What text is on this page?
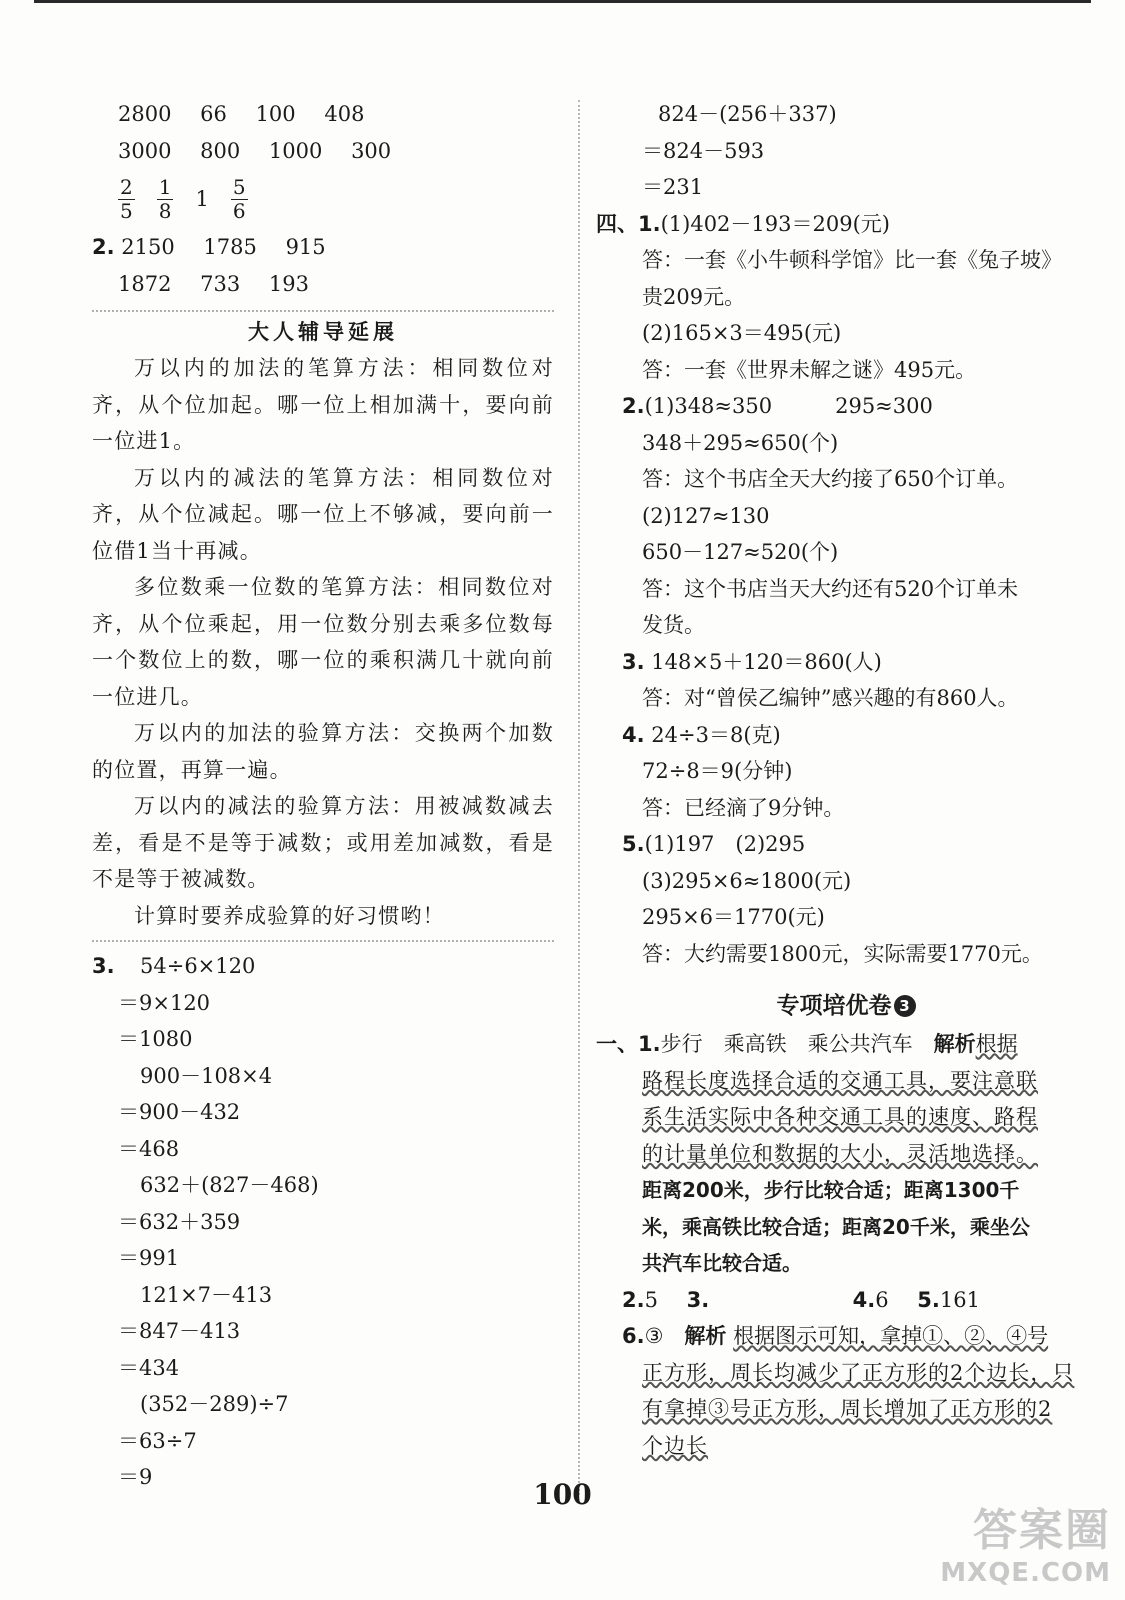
2800 66 100 408
3000 800 1000 300
$\frac{2}{5} \frac{1}{8} 1 \frac{5}{6}$
2. 2150 1785 915
1872 733 193
大人辅导延展
万以内的加法的笔算方法：相同数位对齐，从个位加起。哪一位上相加满十，要向前一位进1。
万以内的减法的笔算方法：相同数位对齐，从个位减起。哪一位上不够减，要向前一位借1当十再减。
多位数乘一位数的笔算方法：相同数位对齐，从个位乘起，用一位数分别去乘多位数每一个数位上的数，哪一位的乘积满几十就向前一位进几。
万以内的加法的验算方法：交换两个加数的位置，再算一遍。
万以内的减法的验算方法：用被减数减去差，看是不是等于减数；或用差加减数，看是不是等于被减数。
计算时要养成验算的好习惯哟！
3. 54÷6×120
＝9×120
＝1080
900－108×4
＝900－432
＝468
632＋(827－468)
＝632＋359
＝991
121×7－413
＝847－413
＝434
(352－289)÷7
＝63÷7
＝9
824－(256＋337)
＝824－593
＝231
四、1.(1)402－193＝209(元)
答：一套《小牛顿科学馆》比一套《兔子坡》
贵209元。
(2)165×3＝495(元)
答：一套《世界未解之谜》495元。
2.(1)348≈350　　　295≈300
348＋295≈650(个)
答：这个书店全天大约接了650个订单。
(2)127≈130
650－127≈520(个)
答：这个书店当天大约还有520个订单未
发货。
3. 148×5＋120＝860(人)
答：对“曾侯乙编钟”感兴趣的有860人。
4. 24÷3＝8(克)
72÷8＝9(分钟)
答：已经滴了9分钟。
5.(1)197　(2)295
(3)295×6≈1800(元)
295×6＝1770(元)
答：大约需要1800元，实际需要1770元。
专项培优卷 3
一、1.步行　乘高铁　乘公共汽车　 解析根据
路程长度选择合适的交通工具，要注意联
系生活实际中各种交通工具的速度、路程
的计量单位和数据的大小，灵活地选择。
距离200米，步行比较合适；距离1300千
米，乘高铁比较合适；距离20千米，乘坐公
共汽车比较合适。
2.5 3.	4.6 5.161
6.③　 解析 根据图示可知，拿掉①、②、④号
正方形，周长均减少了正方形的2个边长，只
有拿掉③号正方形，周长增加了正方形的2
个边长
100
答案圈
MXQE.COM
